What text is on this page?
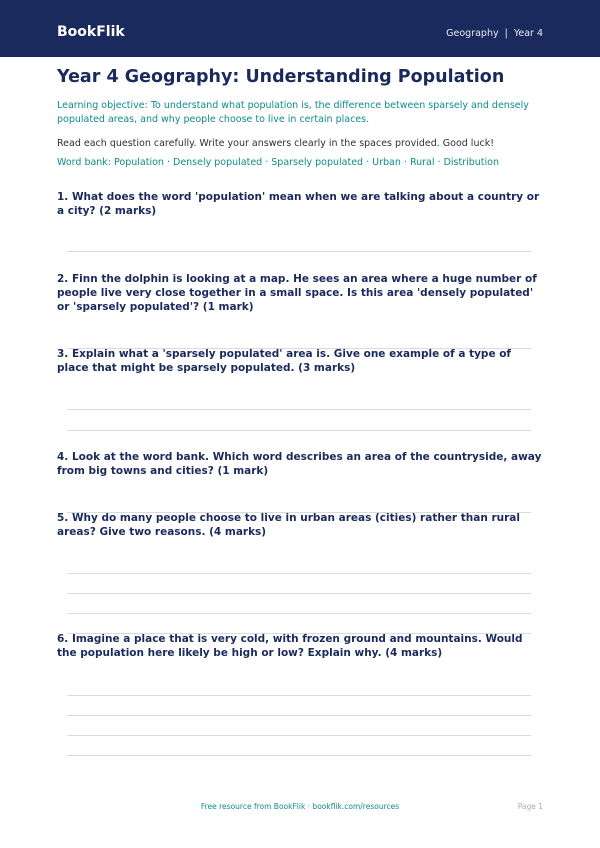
BookFlik	Geography | Year 4
Year 4 Geography: Understanding Population
Learning objective: To understand what population is, the difference between sparsely and densely populated areas, and why people choose to live in certain places.
Read each question carefully. Write your answers clearly in the spaces provided. Good luck!
Word bank: Population · Densely populated · Sparsely populated · Urban · Rural · Distribution
1. What does the word 'population' mean when we are talking about a country or a city? (2 marks)
2. Finn the dolphin is looking at a map. He sees an area where a huge number of people live very close together in a small space. Is this area 'densely populated' or 'sparsely populated'? (1 mark)
3. Explain what a 'sparsely populated' area is. Give one example of a type of place that might be sparsely populated. (3 marks)
4. Look at the word bank. Which word describes an area of the countryside, away from big towns and cities? (1 mark)
5. Why do many people choose to live in urban areas (cities) rather than rural areas? Give two reasons. (4 marks)
6. Imagine a place that is very cold, with frozen ground and mountains. Would the population here likely be high or low? Explain why. (4 marks)
Free resource from BookFlik · bookflik.com/resources	Page 1
